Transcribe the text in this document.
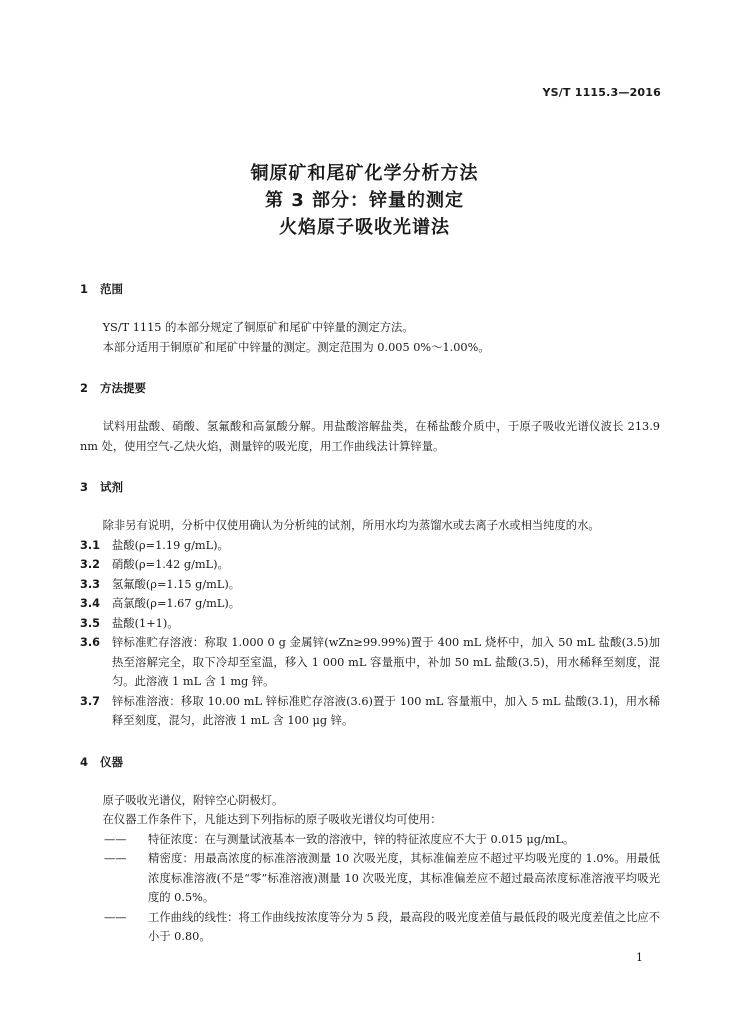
YS/T 1115.3—2016
铜原矿和尾矿化学分析方法
第 3 部分：锌量的测定
火焰原子吸收光谱法
1 范围
YS/T 1115 的本部分规定了铜原矿和尾矿中锌量的测定方法。
本部分适用于铜原矿和尾矿中锌量的测定。测定范围为 0.005 0%～1.00%。
2 方法提要
试料用盐酸、硝酸、氢氟酸和高氯酸分解。用盐酸溶解盐类，在稀盐酸介质中，于原子吸收光谱仪波长 213.9 nm 处，使用空气-乙炔火焰，测量锌的吸光度，用工作曲线法计算锌量。
3 试剂
除非另有说明，分析中仅使用确认为分析纯的试剂，所用水均为蒸馏水或去离子水或相当纯度的水。
3.1	盐酸(ρ=1.19 g/mL)。
3.2	硝酸(ρ=1.42 g/mL)。
3.3	氢氟酸(ρ=1.15 g/mL)。
3.4	高氯酸(ρ=1.67 g/mL)。
3.5	盐酸(1+1)。
3.6	锌标准贮存溶液：称取 1.000 0 g 金属锌(wZn≥99.99%)置于 400 mL 烧杯中，加入 50 mL 盐酸(3.5)加热至溶解完全，取下冷却至室温，移入 1 000 mL 容量瓶中，补加 50 mL 盐酸(3.5)，用水稀释至刻度，混匀。此溶液 1 mL 含 1 mg 锌。
3.7	锌标准溶液：移取 10.00 mL 锌标准贮存溶液(3.6)置于 100 mL 容量瓶中，加入 5 mL 盐酸(3.1)，用水稀释至刻度，混匀，此溶液 1 mL 含 100 μg 锌。
4 仪器
原子吸收光谱仪，附锌空心阴极灯。
在仪器工作条件下，凡能达到下列指标的原子吸收光谱仪均可使用：
—— 特征浓度：在与测量试液基本一致的溶液中，锌的特征浓度应不大于 0.015 μg/mL。
—— 精密度：用最高浓度的标准溶液测量 10 次吸光度，其标准偏差应不超过平均吸光度的 1.0%。用最低浓度标准溶液(不是“零”标准溶液)测量 10 次吸光度，其标准偏差应不超过最高浓度标准溶液平均吸光度的 0.5%。
—— 工作曲线的线性：将工作曲线按浓度等分为 5 段，最高段的吸光度差值与最低段的吸光度差值之比应不小于 0.80。
1
